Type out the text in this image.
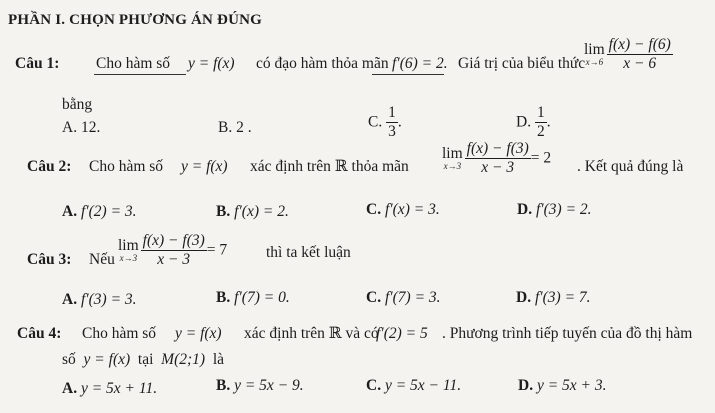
PHẦN I. CHỌN PHƯƠNG ÁN ĐÚNG
Câu 1: Cho hàm số y = f(x) có đạo hàm thỏa mãn f′(6) = 2. Giá trị của biểu thức
lim
$x\to 6 \frac{f(x) - f(6)}{x - 6}$
bằng
A. 12.	B. 2 .	C. $\frac{1}{3}$ .	D. $\frac{1}{2}$ .
Câu 2: Cho hàm số y = f(x) xác định trên ℝ thỏa mãn
lim
$x\to 3 \frac{f(x) - f(3)}{x - 3} = 2$ . Kết quả đúng là
A. f′(2) = 3.	B. f′(x) = 2.	C. f′(x) = 3.	D. f′(3) = 2.
Câu 3: Nếu
lim
$x\to 3 \frac{f(x) - f(3)}{x - 3} = 7$	thì ta kết luận
A. f′(3) = 3.	B. f′(7) = 0.	C. f′(7) = 3.	D. f′(3) = 7.
Câu 4: Cho hàm số y = f(x) xác định trên ℝ và có
f′(2) = 5 . Phương trình tiếp tuyến của đồ thị hàm
số y = f(x) tại M(2;1) là
A. y = 5x + 11.	B. y = 5x − 9.	C. y = 5x − 11.	D. y = 5x + 3.
